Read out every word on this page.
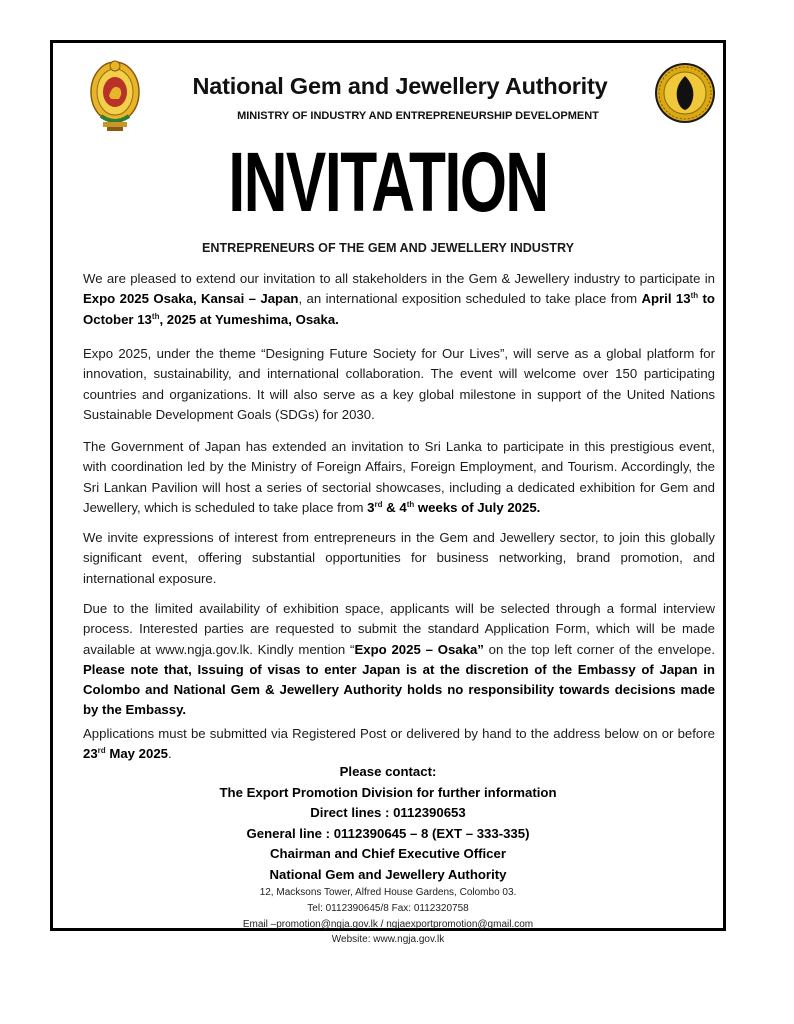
National Gem and Jewellery Authority
MINISTRY OF INDUSTRY AND ENTREPRENEURSHIP DEVELOPMENT
INVITATION
ENTREPRENEURS OF THE GEM AND JEWELLERY INDUSTRY
We are pleased to extend our invitation to all stakeholders in the Gem & Jewellery industry to participate in Expo 2025 Osaka, Kansai – Japan, an international exposition scheduled to take place from April 13th to October 13th, 2025 at Yumeshima, Osaka.
Expo 2025, under the theme “Designing Future Society for Our Lives”, will serve as a global platform for innovation, sustainability, and international collaboration. The event will welcome over 150 participating countries and organizations. It will also serve as a key global milestone in support of the United Nations Sustainable Development Goals (SDGs) for 2030.
The Government of Japan has extended an invitation to Sri Lanka to participate in this prestigious event, with coordination led by the Ministry of Foreign Affairs, Foreign Employment, and Tourism. Accordingly, the Sri Lankan Pavilion will host a series of sectorial showcases, including a dedicated exhibition for Gem and Jewellery, which is scheduled to take place from 3rd & 4th weeks of July 2025.
We invite expressions of interest from entrepreneurs in the Gem and Jewellery sector, to join this globally significant event, offering substantial opportunities for business networking, brand promotion, and international exposure.
Due to the limited availability of exhibition space, applicants will be selected through a formal interview process. Interested parties are requested to submit the standard Application Form, which will be made available at www.ngja.gov.lk. Kindly mention “Expo 2025 – Osaka” on the top left corner of the envelope. Please note that, Issuing of visas to enter Japan is at the discretion of the Embassy of Japan in Colombo and National Gem & Jewellery Authority holds no responsibility towards decisions made by the Embassy.
Applications must be submitted via Registered Post or delivered by hand to the address below on or before 23rd May 2025.
Please contact:
The Export Promotion Division for further information
Direct lines : 0112390653
General line : 0112390645 – 8 (EXT – 333-335)
Chairman and Chief Executive Officer
National Gem and Jewellery Authority
12, Macksons Tower, Alfred House Gardens, Colombo 03.
Tel: 0112390645/8 Fax: 0112320758
Email –promotion@ngja.gov.lk / ngjaexportpromotion@gmail.com
Website: www.ngja.gov.lk
